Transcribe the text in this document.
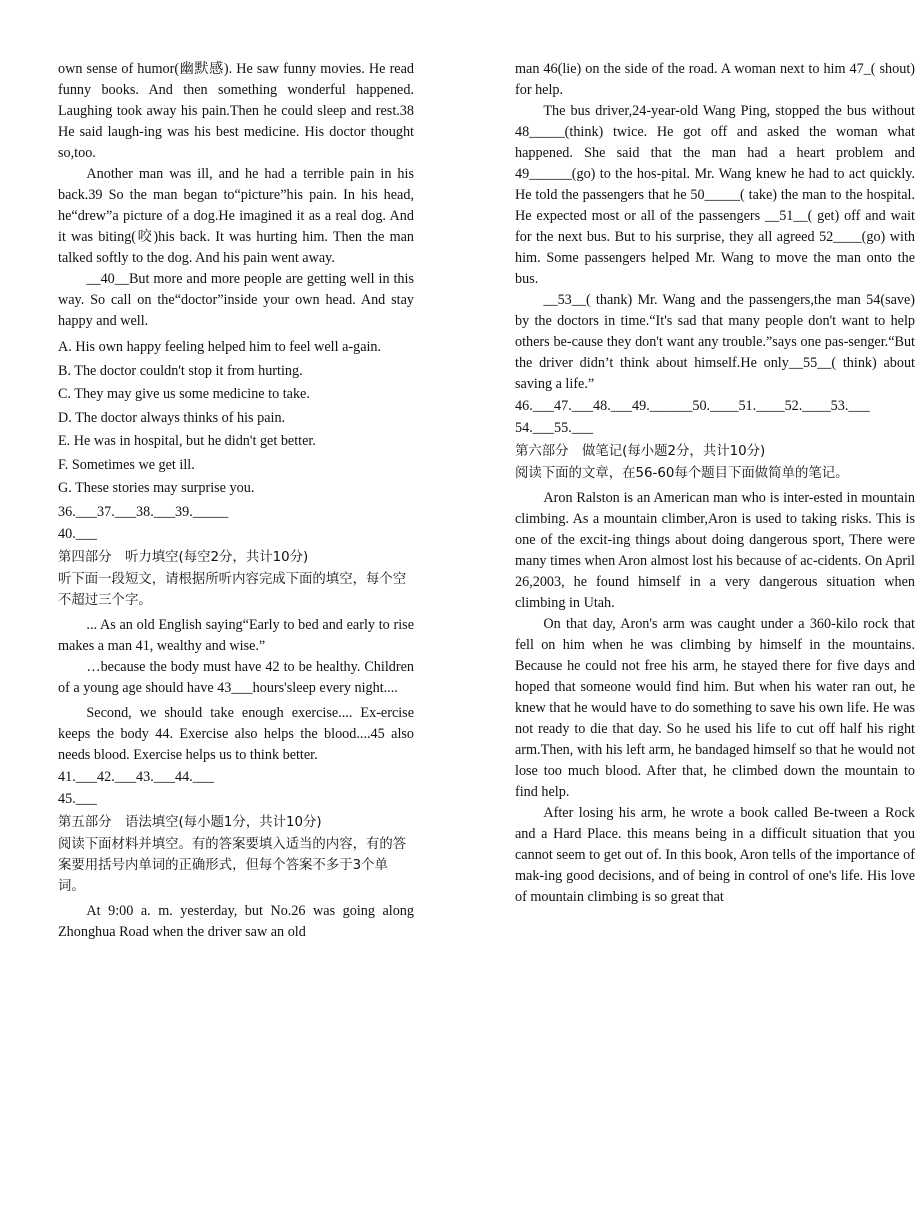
own sense of humor(幽默感). He saw funny movies. He read funny books. And then something wonderful happened. Laughing took away his pain.Then he could sleep and rest.38 He said laugh-ing was his best medicine. His doctor thought so,too.

Another man was ill, and he had a terrible pain in his back.39 So the man began to“picture”his pain. In his head, he“drew”a picture of a dog.He imagined it as a real dog. And it was biting(咬)his back. It was hurting him. Then the man talked softly to the dog. And his pain went away.

__40__But more and more people are getting well in this way. So call on the“doctor”inside your own head. And stay happy and well.

A. His own happy feeling helped him to feel well a-gain.

B. The doctor couldn't stop it from hurting.

C. They may give us some medicine to take.

D. The doctor always thinks of his pain.

E. He was in hospital, but he didn't get better.

F. Sometimes we get ill.

G. These stories may surprise you.

36.___37.___38.___39._____

40.___

第四部分　听力填空(每空2分，共计10分)

听下面一段短文，请根据所听内容完成下面的填空，每个空不超过三个字。

... As an old English saying“Early to bed and early to rise makes a man 41, wealthy and wise.”

…because the body must have 42 to be healthy. Children of a young age should have 43___hours'sleep every night....

Second, we should take enough exercise.... Ex-ercise keeps the body 44. Exercise also helps the blood....45 also needs blood. Exercise helps us to think better.

41.___42.___43.___44.___

45.___

第五部分　语法填空(每小题1分，共计10分)

阅读下面材料并填空。有的答案要填入适当的内容，有的答案要用括号内单词的正确形式，但每个答案不多于3个单词。

At 9:00 a. m. yesterday, but No.26 was going along Zhonghua Road when the driver saw an old

man 46(lie) on the side of the road. A woman next to him 47_( shout) for help.

The bus driver,24-year-old Wang Ping, stopped the bus without 48_____(think) twice. He got off and asked the woman what happened. She said that the man had a heart problem and 49______(go) to the hos-pital. Mr. Wang knew he had to act quickly. He told the passengers that he 50_____( take) the man to the hospital. He expected most or all of the passengers __51__( get) off and wait for the next bus. But to his surprise, they all agreed 52____(go) with him. Some passengers helped Mr. Wang to move the man onto the bus.

__53__( thank) Mr. Wang and the passengers,the man 54(save) by the doctors in time.“It's sad that many people don't want to help others be-cause they don't want any trouble.”says one pas-senger.“But the driver didn’t think about himself.He only__55__( think) about saving a life.”

46.___47.___48.___49.______50.____51.____52.____53.___

54.___55.___

第六部分　做笔记(每小题2分，共计10分)

阅读下面的文章，在56-60每个题目下面做简单的笔记。

Aron Ralston is an American man who is inter-ested in mountain climbing. As a mountain climber,Aron is used to taking risks. This is one of the excit-ing things about doing dangerous sport, There were many times when Aron almost lost his because of ac-cidents. On April 26,2003, he found himself in a very dangerous situation when climbing in Utah.

On that day, Aron's arm was caught under a 360-kilo rock that fell on him when he was climbing by himself in the mountains. Because he could not free his arm, he stayed there for five days and hoped that someone would find him. But when his water ran out, he knew that he would have to do something to save his own life. He was not ready to die that day. So he used his life to cut off half his right arm.Then, with his left arm, he bandaged himself so that he would not lose too much blood. After that, he climbed down the mountain to find help.

After losing his arm, he wrote a book called Be-tween a Rock and a Hard Place. this means being in a difficult situation that you cannot seem to get out of. In this book, Aron tells of the importance of mak-ing good decisions, and of being in control of one's life. His love of mountain climbing is so great that
